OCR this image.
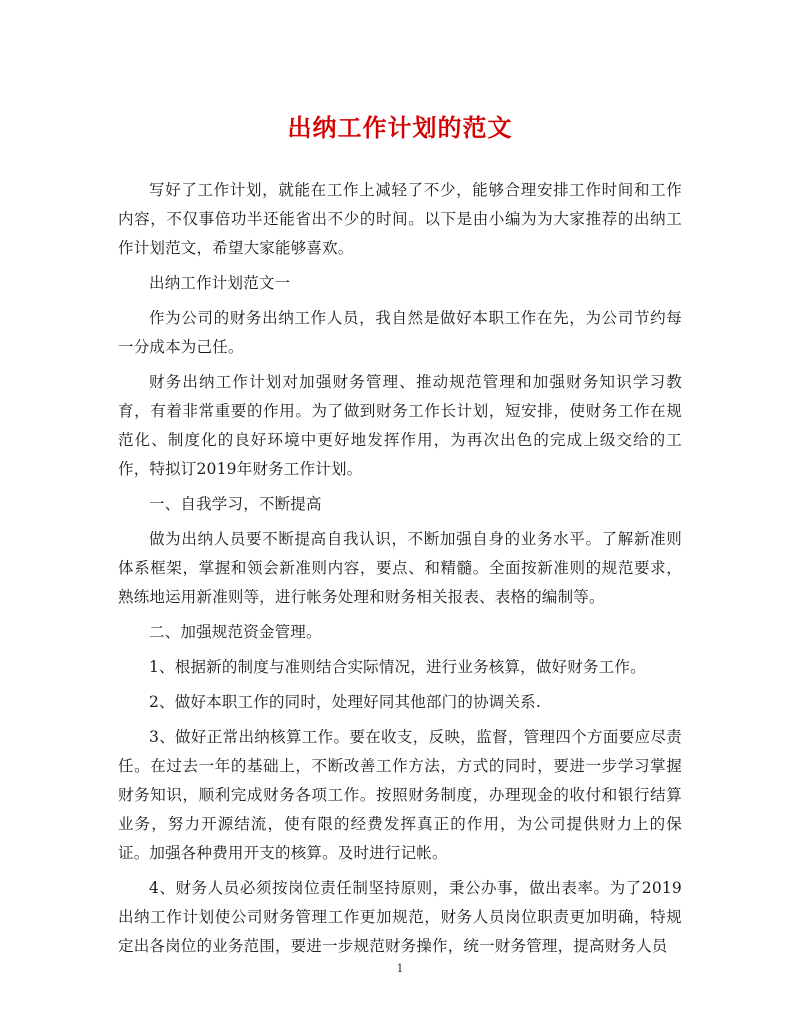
出纳工作计划的范文

写好了工作计划，就能在工作上减轻了不少，能够合理安排工作时间和工作内容，不仅事倍功半还能省出不少的时间。以下是由小编为为大家推荐的出纳工作计划范文，希望大家能够喜欢。

出纳工作计划范文一

作为公司的财务出纳工作人员，我自然是做好本职工作在先，为公司节约每一分成本为己任。

财务出纳工作计划对加强财务管理、推动规范管理和加强财务知识学习教育，有着非常重要的作用。为了做到财务工作长计划，短安排，使财务工作在规范化、制度化的良好环境中更好地发挥作用，为再次出色的完成上级交给的工作，特拟订2019年财务工作计划。

一、自我学习，不断提高

做为出纳人员要不断提高自我认识，不断加强自身的业务水平。了解新准则体系框架，掌握和领会新准则内容，要点、和精髓。全面按新准则的规范要求，熟练地运用新准则等，进行帐务处理和财务相关报表、表格的编制等。

二、加强规范资金管理。

1、根据新的制度与准则结合实际情况，进行业务核算，做好财务工作。

2、做好本职工作的同时，处理好同其他部门的协调关系.

3、做好正常出纳核算工作。要在收支，反映，监督，管理四个方面要应尽责任。在过去一年的基础上，不断改善工作方法，方式的同时，要进一步学习掌握财务知识，顺利完成财务各项工作。按照财务制度，办理现金的收付和银行结算业务，努力开源结流，使有限的经费发挥真正的作用，为公司提供财力上的保证。加强各种费用开支的核算。及时进行记帐。

4、财务人员必须按岗位责任制坚持原则，秉公办事，做出表率。为了2019出纳工作计划使公司财务管理工作更加规范，财务人员岗位职责更加明确，特规定出各岗位的业务范围，要进一步规范财务操作，统一财务管理，提高财务人员

1
